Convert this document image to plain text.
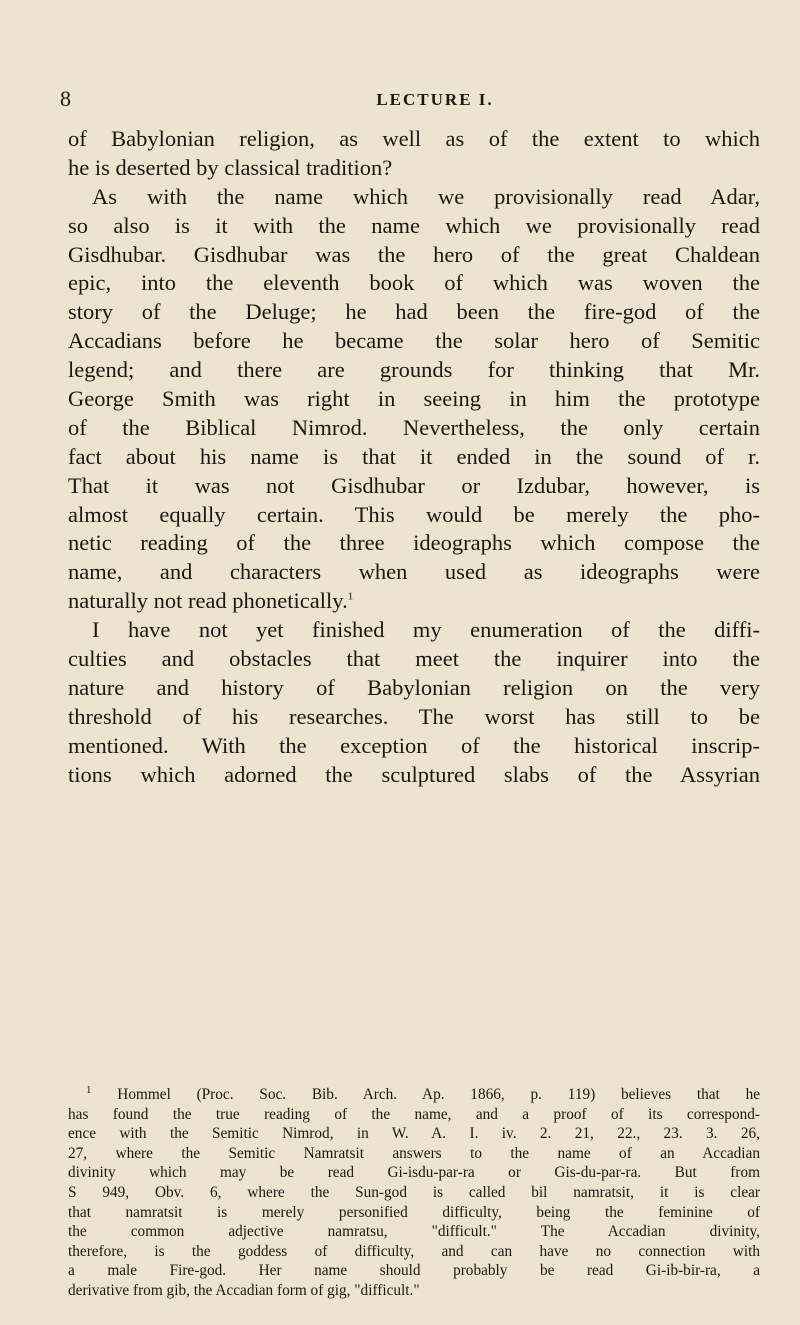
8	LECTURE I.
of Babylonian religion, as well as of the extent to which
he is deserted by classical tradition?
As with the name which we provisionally read Adar,
so also is it with the name which we provisionally read
Gisdhubar. Gisdhubar was the hero of the great Chaldean
epic, into the eleventh book of which was woven the
story of the Deluge; he had been the fire-god of the
Accadians before he became the solar hero of Semitic
legend; and there are grounds for thinking that Mr.
George Smith was right in seeing in him the prototype
of the Biblical Nimrod. Nevertheless, the only certain
fact about his name is that it ended in the sound of r.
That it was not Gisdhubar or Izdubar, however, is
almost equally certain. This would be merely the pho-
netic reading of the three ideographs which compose the
name, and characters when used as ideographs were
naturally not read phonetically.$^1$
I have not yet finished my enumeration of the diffi-
culties and obstacles that meet the inquirer into the
nature and history of Babylonian religion on the very
threshold of his researches. The worst has still to be
mentioned. With the exception of the historical inscrip-
tions which adorned the sculptured slabs of the Assyrian
$^1$ Hommel (Proc. Soc. Bib. Arch. Ap. 1866, p. 119) believes that he
has found the true reading of the name, and a proof of its correspond-
ence with the Semitic Nimrod, in W. A. I. iv. 2. 21, 22., 23. 3. 26,
27, where the Semitic Namratsit answers to the name of an Accadian
divinity which may be read Gi-isdu-par-ra or Gis-du-par-ra. But from
S 949, Obv. 6, where the Sun-god is called bil namratsit, it is clear
that namratsit is merely personified difficulty, being the feminine of
the common adjective namratsu, "difficult." The Accadian divinity,
therefore, is the goddess of difficulty, and can have no connection with
a male Fire-god. Her name should probably be read Gi-ib-bir-ra, a
derivative from gib, the Accadian form of gig, "difficult."
